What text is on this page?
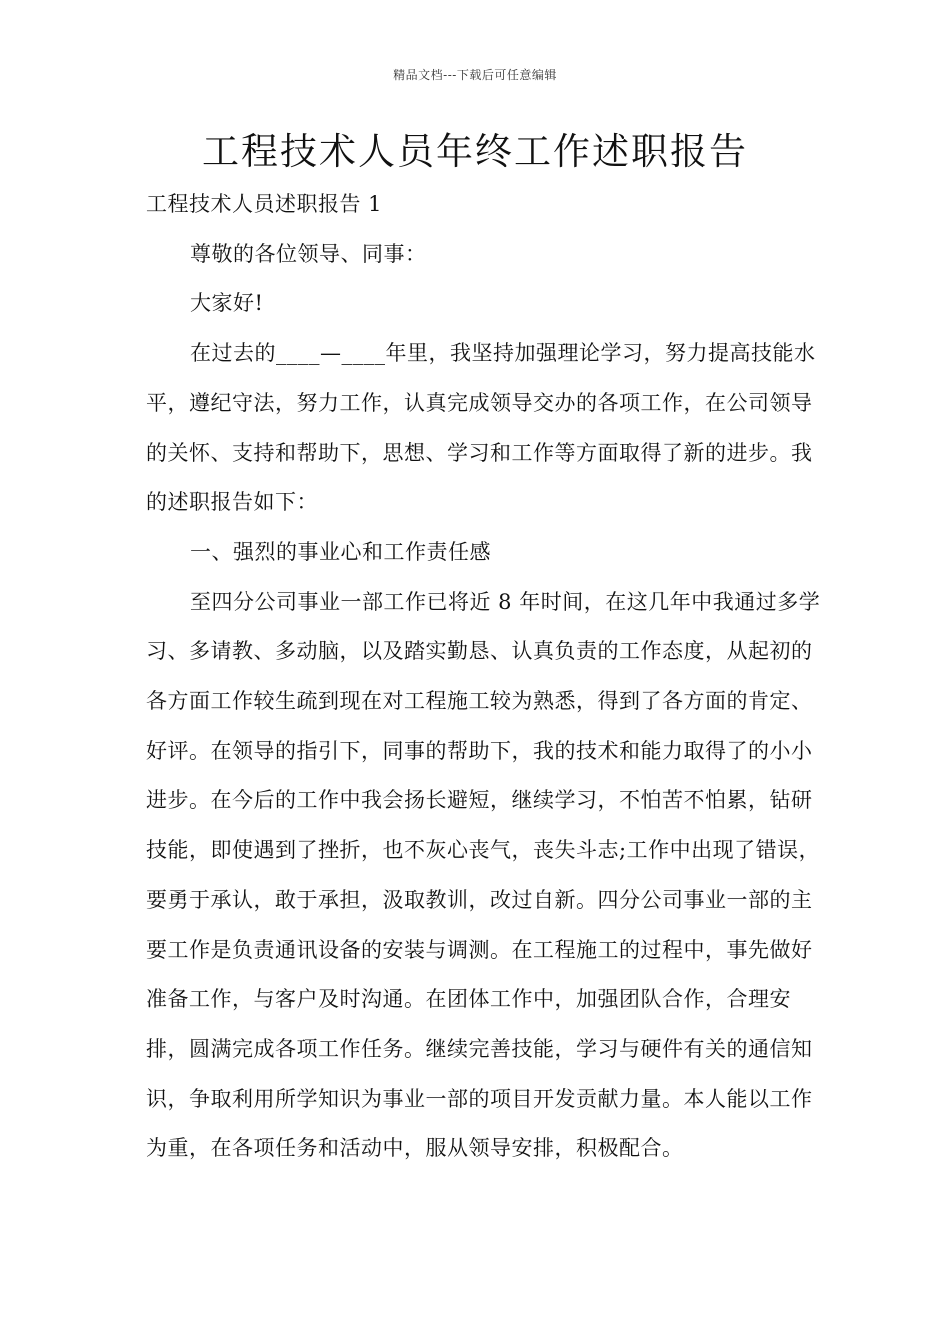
精品文档---下载后可任意编辑
工程技术人员年终工作述职报告

工程技术人员述职报告 1

尊敬的各位领导、同事：

大家好!

在过去的____—____年里，我坚持加强理论学习，努力提高技能水平，遵纪守法，努力工作，认真完成领导交办的各项工作，在公司领导的关怀、支持和帮助下，思想、学习和工作等方面取得了新的进步。我的述职报告如下：

一、强烈的事业心和工作责任感

至四分公司事业一部工作已将近 8 年时间，在这几年中我通过多学习、多请教、多动脑，以及踏实勤恳、认真负责的工作态度，从起初的各方面工作较生疏到现在对工程施工较为熟悉，得到了各方面的肯定、好评。在领导的指引下，同事的帮助下，我的技术和能力取得了的小小进步。在今后的工作中我会扬长避短，继续学习，不怕苦不怕累，钻研技能，即使遇到了挫折，也不灰心丧气，丧失斗志;工作中出现了错误，要勇于承认，敢于承担，汲取教训，改过自新。四分公司事业一部的主要工作是负责通讯设备的安装与调测。在工程施工的过程中，事先做好准备工作，与客户及时沟通。在团体工作中，加强团队合作，合理安排，圆满完成各项工作任务。继续完善技能，学习与硬件有关的通信知识，争取利用所学知识为事业一部的项目开发贡献力量。本人能以工作为重，在各项任务和活动中，服从领导安排，积极配合。
